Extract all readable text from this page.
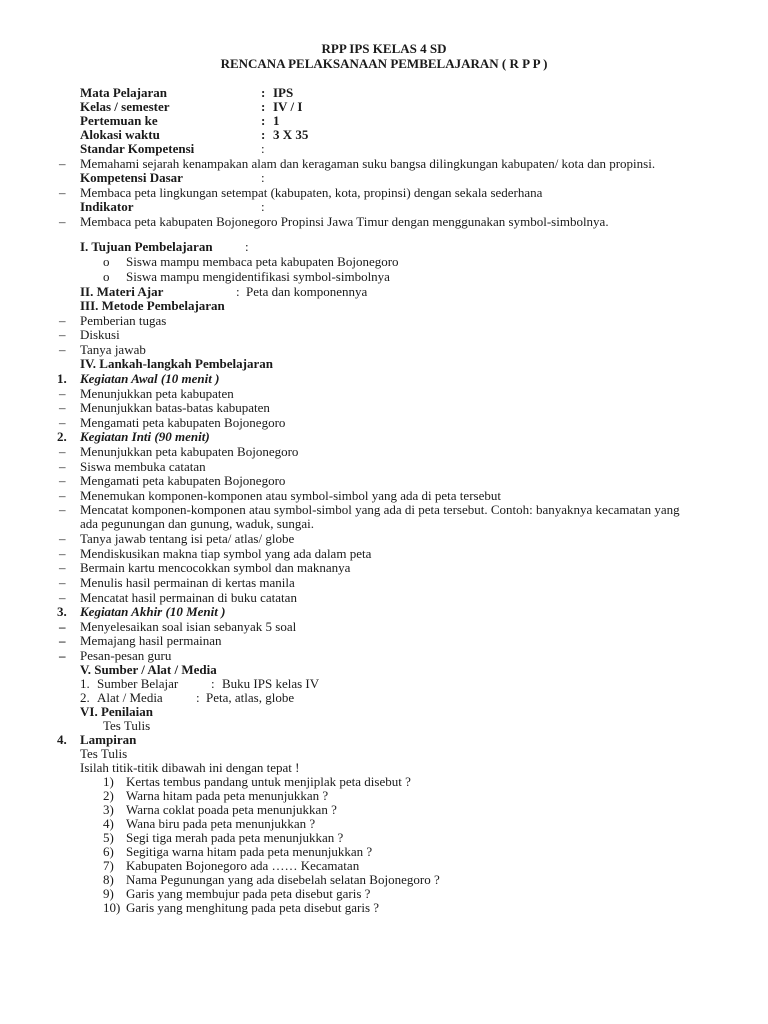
RPP IPS KELAS 4 SD
RENCANA PELAKSANAAN PEMBELAJARAN ( R P P )
Mata Pelajaran	: IPS
Kelas / semester	: IV / I
Pertemuan ke	: 1
Alokasi waktu	: 3 X 35
Standar Kompetensi	:
– Memahami sejarah kenampakan alam dan keragaman suku bangsa dilingkungan kabupaten/ kota dan propinsi.
Kompetensi Dasar	:
– Membaca peta lingkungan setempat (kabupaten, kota, propinsi) dengan sekala sederhana
Indikator	:
– Membaca peta kabupaten Bojonegoro Propinsi Jawa Timur dengan menggunakan symbol-simbolnya.
I. Tujuan Pembelajaran :
o Siswa mampu membaca peta kabupaten Bojonegoro
o Siswa mampu mengidentifikasi symbol-simbolnya
II. Materi Ajar	: Peta dan komponennya
III. Metode Pembelajaran
– Pemberian tugas
– Diskusi
– Tanya jawab
IV. Lankah-langkah Pembelajaran
1. Kegiatan Awal (10 menit )
– Menunjukkan peta kabupaten
– Menunjukkan batas-batas kabupaten
– Mengamati peta kabupaten Bojonegoro
2. Kegiatan Inti (90 menit)
– Menunjukkan peta kabupaten Bojonegoro
– Siswa membuka catatan
– Mengamati peta kabupaten Bojonegoro
– Menemukan komponen-komponen atau symbol-simbol yang ada di peta tersebut
– Mencatat komponen-komponen atau symbol-simbol yang ada di peta tersebut. Contoh: banyaknya kecamatan yang
ada pegunungan dan gunung, waduk, sungai.
– Tanya jawab tentang isi peta/ atlas/ globe
– Mendiskusikan makna tiap symbol yang ada dalam peta
– Bermain kartu mencocokkan symbol dan maknanya
– Menulis hasil permainan di kertas manila
– Mencatat hasil permainan di buku catatan
3. Kegiatan Akhir (10 Menit )
– Menyelesaikan soal isian sebanyak 5 soal
– Memajang hasil permainan
– Pesan-pesan guru
V. Sumber / Alat / Media
1. Sumber Belajar	: Buku IPS kelas IV
2. Alat / Media	: Peta, atlas, globe
VI. Penilaian
Tes Tulis
4. Lampiran
Tes Tulis
Isilah titik-titik dibawah ini dengan tepat !
1) Kertas tembus pandang untuk menjiplak peta disebut ?
2) Warna hitam pada peta menunjukkan ?
3) Warna coklat poada peta menunjukkan ?
4) Wana biru pada peta menunjukkan ?
5) Segi tiga merah pada peta menunjukkan ?
6) Segitiga warna hitam pada peta menunjukkan ?
7) Kabupaten Bojonegoro ada …… Kecamatan
8) Nama Pegunungan yang ada disebelah selatan Bojonegoro ?
9) Garis yang membujur pada peta disebut garis ?
10) Garis yang menghitung pada peta disebut garis ?
